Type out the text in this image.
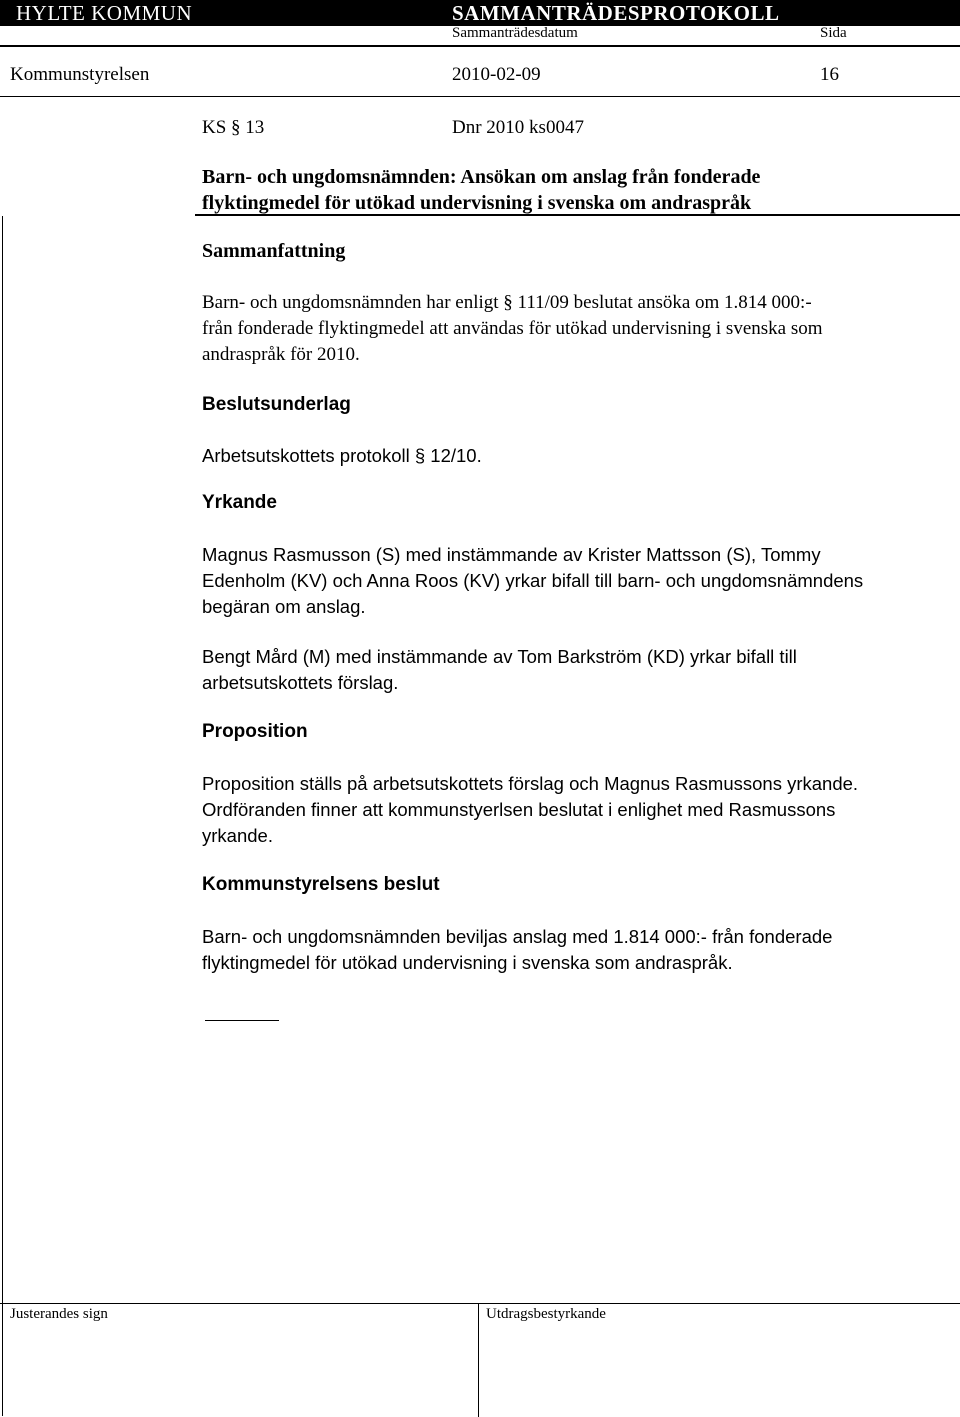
HYLTE KOMMUN	SAMMANTRÄDESPROTOKOLL
Sammanträdesdatum	Sida
Kommunstyrelsen	2010-02-09	16
KS § 13	Dnr 2010 ks0047
Barn- och ungdomsnämnden: Ansökan om anslag från fonderade
flyktingmedel för utökad undervisning i svenska om andraspråk
Sammanfattning
Barn- och ungdomsnämnden har enligt § 111/09 beslutat ansöka om 1.814 000:-
från fonderade flyktingmedel att användas för utökad undervisning i svenska som
andraspråk för 2010.
Beslutsunderlag
Arbetsutskottets protokoll § 12/10.
Yrkande
Magnus Rasmusson (S) med instämmande av Krister Mattsson (S), Tommy
Edenholm (KV) och Anna Roos (KV) yrkar bifall till barn- och ungdomsnämndens
begäran om anslag.
Bengt Mård (M) med instämmande av Tom Barkström (KD) yrkar bifall till
arbetsutskottets förslag.
Proposition
Proposition ställs på arbetsutskottets förslag och Magnus Rasmussons yrkande.
Ordföranden finner att kommunstyerlsen beslutat i enlighet med Rasmussons
yrkande.
Kommunstyrelsens beslut
Barn- och ungdomsnämnden beviljas anslag med 1.814 000:- från fonderade
flyktingmedel för utökad undervisning i svenska som andraspråk.
Justerandes sign	Utdragsbestyrkande
